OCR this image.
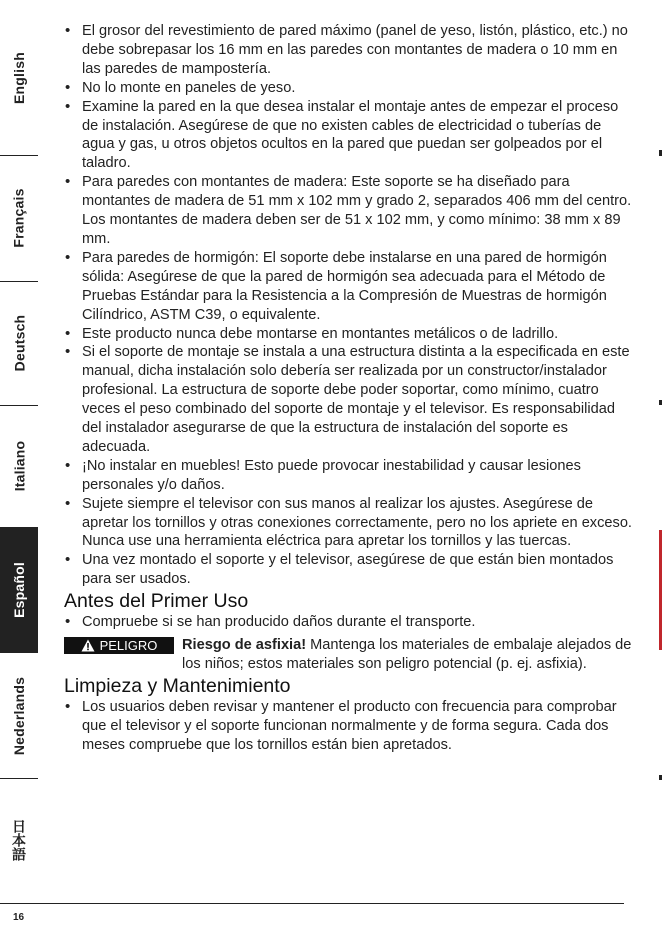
English
Français
Deutsch
Italiano
Español
Nederlands
日本語
• El grosor del revestimiento de pared máximo (panel de yeso, listón, plástico, etc.) no debe sobrepasar los 16 mm en las paredes con montantes de madera o 10 mm en las paredes de mampostería.
• No lo monte en paneles de yeso.
• Examine la pared en la que desea instalar el montaje antes de empezar el proceso de instalación. Asegúrese de que no existen cables de electricidad o tuberías de agua y gas, u otros objetos ocultos en la pared que puedan ser golpeados por el taladro.
• Para paredes con montantes de madera: Este soporte se ha diseñado para montantes de madera de 51 mm x 102 mm y grado 2, separados 406 mm del centro. Los montantes de madera deben ser de 51 x 102 mm, y como mínimo: 38 mm x 89 mm.
• Para paredes de hormigón: El soporte debe instalarse en una pared de hormigón sólida: Asegúrese de que la pared de hormigón sea adecuada para el Método de Pruebas Estándar para la Resistencia a la Compresión de Muestras de hormigón Cilíndrico, ASTM C39, o equivalente.
• Este producto nunca debe montarse en montantes metálicos o de ladrillo.
• Si el soporte de montaje se instala a una estructura distinta a la especificada en este manual, dicha instalación solo debería ser realizada por un constructor/instalador profesional. La estructura de soporte debe poder soportar, como mínimo, cuatro veces el peso combinado del soporte de montaje y el televisor. Es responsabilidad del instalador asegurarse de que la estructura de instalación del soporte es adecuada.
• ¡No instalar en muebles! Esto puede provocar inestabilidad y causar lesiones personales y/o daños.
• Sujete siempre el televisor con sus manos al realizar los ajustes. Asegúrese de apretar los tornillos y otras conexiones correctamente, pero no los apriete en exceso. Nunca use una herramienta eléctrica para apretar los tornillos y las tuercas.
• Una vez montado el soporte y el televisor, asegúrese de que están bien montados para ser usados.
Antes del Primer Uso
• Compruebe si se han producido daños durante el transporte.
PELIGRO Riesgo de asfixia! Mantenga los materiales de embalaje alejados de los niños; estos materiales son peligro potencial (p. ej. asfixia).
Limpieza y Mantenimiento
• Los usuarios deben revisar y mantener el producto con frecuencia para comprobar que el televisor y el soporte funcionan normalmente y de forma segura. Cada dos meses compruebe que los tornillos están bien apretados.
16
